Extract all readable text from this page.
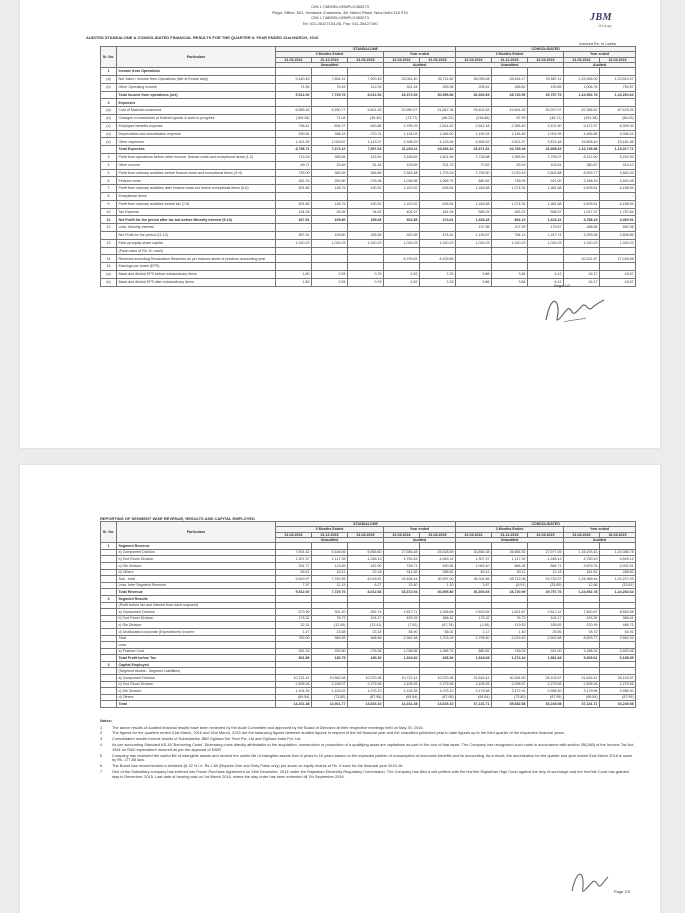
CIN: L74899DL1996PLC083073
Regd. Office: 601, Hemkunt Chambers, 89, Nehru Place, New Delhi 110 019
CIN: L74899DL1996PLC083073
Tel: 011-26427104-06, Fax: 011-26427100	JBM
Group
AUDITED STANDALONE & CONSOLIDATED FINANCIAL RESULTS FOR THE QUARTER & YEAR ENDED 31st MARCH, 2016
Amount Rs. in Lakhs
Sr. No.	Particulars	STANDALONE					CONSOLIDATED				
		3 Months Ended			Year ended		3 Months Ended			Year ended	
		31.03.2016	31.12.2015	31.03.2015	31.03.2016	31.03.2015	31.03.2016	31.12.2015	31.03.2015	31.03.2016	31.03.2015
		Unaudited			Audited		Unaudited			Audited	
1	Income from Operations										
(a)	Net Sales / Income from Operations (Net of Excise duty)	9,440.45	7,654.31	7,900.45	33,051.40	30,711.82	36,095.08	28,454.17	29,567.11	1,23,946.00	1,23,510.07
(b)	Other Operating Income	71.55	75.45	112.09	321.54	283.98	205.61	266.82	190.65	1,006.78	750.57
	Total Income from operations (net)	9,512.00	7,729.76	8,012.54	33,372.94	30,995.80	36,300.69	28,720.99	29,757.76	1,24,952.78	1,24,260.64
2	Expenses										
(a)	Cost of Material consumed	6,555.16	5,290.77	5,601.45	22,950.27	21,847.08	25,451.63	19,624.16	20,027.07	87,266.52	87,578.25
(b)	Changes in inventories of finished goods & work-in-progress	(106.45)	71.04	(38.40)	(73.77)	(66.22)	(216.86)	87.99	(46.71)	(291.38)	(58.03)
(c)	Employee benefits expense	738.41	694.27	643.88	2,795.29	2,514.42	2,541.18	2,385.49	2,101.90	9,472.57	8,309.39
(d)	Depreciation and amortisation expense	290.54	288.15	270.74	1,134.03	1,065.90	1,190.34	1,146.48	1,001.95	4,485.68	4,006.24
(e)	Other expenses	1,321.05	1,029.87	1,119.37	4,398.29	4,133.06	4,605.52	3,521.37	3,874.48	15,806.49	15,181.86
	Total Expenses	8,798.71	7,374.10	7,597.04	31,204.11	29,494.24	33,571.81	26,765.49	26,958.69	1,16,739.88	1,15,017.71
3	Profit from operations before other income, finance costs and exceptional items (1-2)	713.29	355.66	415.50	2,168.83	1,501.56	2,728.88	1,955.50	2,799.07	8,212.90	9,242.93
4	Other income	69.71	33.89	51.18	193.65	201.73	70.62	63.93	103.61	380.87	319.10
5	Profit from ordinary activities before finance costs and exceptional items (3+4)	783.00	389.55	466.68	2,362.48	1,703.29	2,799.50	2,019.43	2,902.68	8,593.77	9,562.03
6	Finance costs	281.15	252.80	276.38	1,038.56	1,066.75	880.82	745.09	921.00	3,188.16	3,403.48
7	Profit from ordinary activities after finance costs but before exceptional items (5-6)	501.85	136.75	190.30	1,323.92	636.54	1,918.68	1,274.34	1,981.68	5,405.61	6,158.55
8	Exceptional items	-	-	-	-	-	-	-	-	-	-
9	Profit from ordinary activities before tax (7-8)	501.85	136.75	190.30	1,323.92	636.54	1,918.68	1,274.34	1,981.68	5,405.61	6,158.55
10	Tax Expense	134.34	26.95	34.62	401.07	161.93	585.25	382.22	558.37	1,617.37	1,797.64
11	Net Profit for the period after tax but before Minority Interest (9-10)	367.51	109.80	155.68	922.85	474.61	1,333.43	892.12	1,423.31	3,788.24	4,360.91
12	Less: Minority Interest	-	-	-	-	-	137.86	107.99	175.57	488.66	552.06
	Net Profit for the period (11-12)	367.51	109.80	155.68	922.85	474.61	1,195.57	784.13	1,247.74	3,299.58	3,808.85
13	Paid up equity share capital	1,020.23	1,020.23	1,020.23	1,020.23	1,020.23	1,020.23	1,020.23	1,020.23	1,020.23	1,020.23
	(Face value of Rs. 5/- each)										
14	Reserves excluding Revaluation Reserves as per balance sheet of previous accounting year				8,793.81	8,109.65				20,021.67	17,028.58
15	Earnings per share (EPS)										
(a)	Basic and diluted EPS before extraordinary items	1.80	0.54	0.76	4.52	2.33	5.86	3.84	6.12	16.17	18.67
(b)	Basic and diluted EPS after extraordinary items	1.80	0.54	0.76	4.52	2.33	5.86	3.84	6.12	16.17	18.67
Page 1/3
REPORTING OF SEGMENT WISE REVENUE, RESULTS AND CAPITAL EMPLOYED
Sr. No.	Particulars	STANDALONE					CONSOLIDATED				
		3 Months Ended			Year ended		3 Months Ended			Year ended	
		31.03.2016	31.12.2015	31.03.2015	31.03.2016	31.03.2015	31.03.2016	31.12.2015	31.03.2015	31.03.2016	31.03.2015
		Unaudited			Audited		Unaudited			Audited	
1	Segment Revenue										
	a) Component Division	7,891.42	6,446.56	6,565.60	27,585.48	25,528.69	33,864.38	26,665.30	27,577.05	1,16,193.43	1,15,386.78
	b) Tool Room Division	1,307.37	1,117.39	1,248.13	4,750.43	4,549.14	1,307.37	1,117.39	1,248.13	4,750.43	4,549.14
	c) Die Division	251.77	113.89	182.90	728.71	630.55	1,063.40	866.28	884.71	3,679.76	4,002.51
	d) Others	69.41	63.11	22.18	341.82	288.60	69.41	63.11	22.18	341.82	288.60
	Sub - total	9,519.97	7,740.95	8,018.81	33,406.44	30,997.00	36,304.56	28,712.08	29,732.07	1,24,965.44	1,24,227.03
	Less: Inter Segment Revenue	7.97	11.19	6.27	33.50	1.20	3.87	(8.91)	(25.69)	12.66	(33.61)
	Total Revenue	9,512.00	7,729.76	8,012.54	33,372.94	30,995.80	36,300.69	28,720.99	29,757.76	1,24,952.78	1,24,260.64
2	Segment Results										
	(Profit before tax and Interest from each segment)										
	a) Component Division	573.90	301.20	352.74	1,817.71	1,348.65	2,623.59	1,821.87	2,617.12	7,800.67	8,653.98
	b) Tool Room Division	175.32	76.73	104.17	493.39	366.41	175.32	76.73	104.17	493.39	366.41
	c) Die Division	32.31	(12.06)	(13.41)	(7.52)	(67.78)	(1.58)	119.53	155.83	220.99	486.73
	d) Unallocated corporate (Expenditure)/ Income	1.47	23.68	23.18	58.90	56.01	2.17	1.30	25.56	78.72	54.91
	Total	783.00	389.55	466.68	2,362.48	1,703.29	2,799.50	2,019.43	2,902.68	8,593.77	9,562.03
	Less:										
	a) Finance Cost	281.15	252.80	276.38	1,038.56	1,066.75	880.82	745.09	921.00	3,188.16	3,403.48
	Total Profit before Tax	501.85	136.75	190.30	1,323.92	636.54	1,918.68	1,274.34	1,981.68	5,405.61	6,158.55
3	Capital Employed										
	(Segment Assets - Segment Liabilities)										
	a) Component Division	10,721.41	10,583.58	10,370.36	10,721.41	10,370.36	31,616.41	30,284.50	28,103.57	31,616.41	28,103.57
	b) Tool Room Division	2,405.26	2,298.97	2,275.56	2,405.26	2,275.56	2,405.26	2,298.97	2,275.56	2,405.26	2,275.56
	c) Die Division	1,104.35	1,103.02	1,075.13	1,104.35	1,075.13	3,179.58	3,172.91	2,958.40	3,179.58	2,958.40
	d) Others	(69.54)	(73.80)	(87.95)	(69.54)	(87.95)	(69.54)	(73.80)	(87.95)	(69.54)	(87.95)
	Total	14,161.48	13,911.77	13,633.10	14,161.48	13,633.10	37,131.71	35,682.58	33,249.58	37,131.71	33,249.58
Notes:
1	The above results of Audited financial results have been reviewed by the Audit Committee and approved by the Board of Directors at their respective meetings held on May 30, 2016.
2	The figures for the quarters ended 31st March, 2016 and 31st March, 2015 are the balancing figures between audited figures in respect of the full financial year and the unaudited published year to date figures up to the third quarter of the respective financial years.
3	Consolidated results include results of Subsidiaries JBM Ogihara Die Tech Pvt. Ltd and Ogihara India Pvt. Ltd.
4	As per accounting Standard AS-16 'Borrowing Costs', Borrowing costs directly attributable to the acquisition, construction or production of a qualifying asset are capitalised as part of the cost of that asset. The Company has recognised such costs in accordance with section 35(2AB) of the Income Tax Act, 1961 on R&D expenditure incurred as per the approval of DSIR.
5	Company has reviewed the useful life of intangible assets and revised the useful life of intangible assets from 6 years to 10 years based on the expected pattern of consumption of economic benefits and its accounting. As a result, the amortisation for the quarter and year ended 31st March 2016 is lower by Rs. 177.85 lacs.
6	The Board has recommended a dividend @ 32 % i.e. Rs 1.60 (Rupees One and Sixty Paise only) per share on equity shares of Rs. 5 each for the financial year 2015-16.
7	One of the Subsidiary company has entered into Power Purchase Agreement on 16th December, 2014 under the Rajasthan Electricity Regulatory Commission. The Company has filed a writ petition with the Hon'ble Rajasthan High Court against the levy of surcharge and the Hon'ble Court has granted stay in December, 2015. Last date of hearing was on 1st March 2016, where the stay order has been extended till 7th September 2016.
Page 2/3
